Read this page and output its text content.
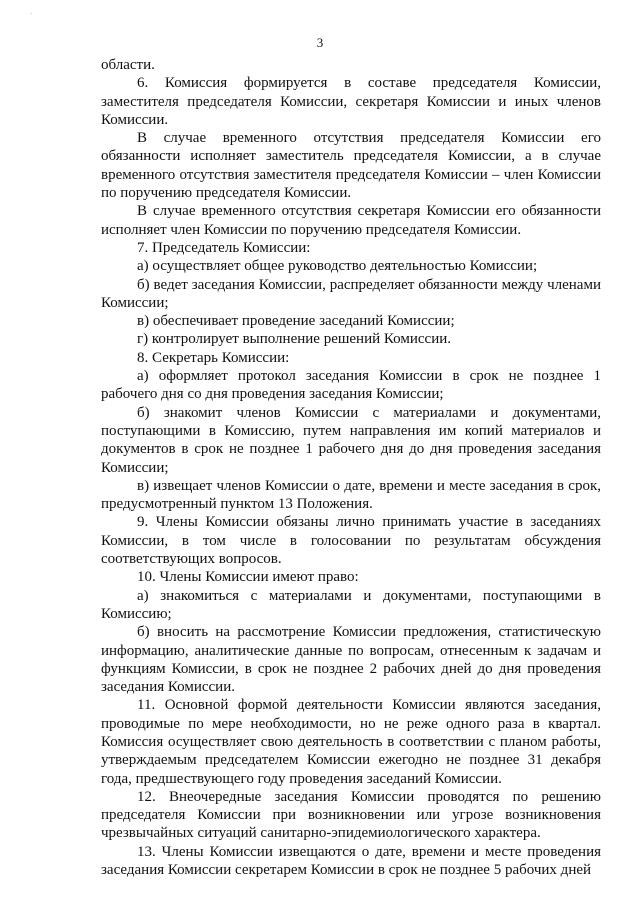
·
3

области.

6. Комиссия формируется в составе председателя Комиссии, заместителя председателя Комиссии, секретаря Комиссии и иных членов Комиссии.

В случае временного отсутствия председателя Комиссии его обязанности исполняет заместитель председателя Комиссии, а в случае временного отсутствия заместителя председателя Комиссии – член Комиссии по поручению председателя Комиссии.

В случае временного отсутствия секретаря Комиссии его обязанности исполняет член Комиссии по поручению председателя Комиссии.

7. Председатель Комиссии:

а) осуществляет общее руководство деятельностью Комиссии;

б) ведет заседания Комиссии, распределяет обязанности между членами Комиссии;

в) обеспечивает проведение заседаний Комиссии;

г) контролирует выполнение решений Комиссии.

8. Секретарь Комиссии:

а) оформляет протокол заседания Комиссии в срок не позднее 1 рабочего дня со дня проведения заседания Комиссии;

б) знакомит членов Комиссии с материалами и документами, поступающими в Комиссию, путем направления им копий материалов и документов в срок не позднее 1 рабочего дня до дня проведения заседания Комиссии;

в) извещает членов Комиссии о дате, времени и месте заседания в срок, предусмотренный пунктом 13 Положения.

9. Члены Комиссии обязаны лично принимать участие в заседаниях Комиссии, в том числе в голосовании по результатам обсуждения соответствующих вопросов.

10. Члены Комиссии имеют право:

а) знакомиться с материалами и документами, поступающими в Комиссию;

б) вносить на рассмотрение Комиссии предложения, статистическую информацию, аналитические данные по вопросам, отнесенным к задачам и функциям Комиссии, в срок не позднее 2 рабочих дней до дня проведения заседания Комиссии.

11. Основной формой деятельности Комиссии являются заседания, проводимые по мере необходимости, но не реже одного раза в квартал. Комиссия осуществляет свою деятельность в соответствии с планом работы, утверждаемым председателем Комиссии ежегодно не позднее 31 декабря года, предшествующего году проведения заседаний Комиссии.

12. Внеочередные заседания Комиссии проводятся по решению председателя Комиссии при возникновении или угрозе возникновения чрезвычайных ситуаций санитарно-эпидемиологического характера.

13. Члены Комиссии извещаются о дате, времени и месте проведения заседания Комиссии секретарем Комиссии в срок не позднее 5 рабочих дней
